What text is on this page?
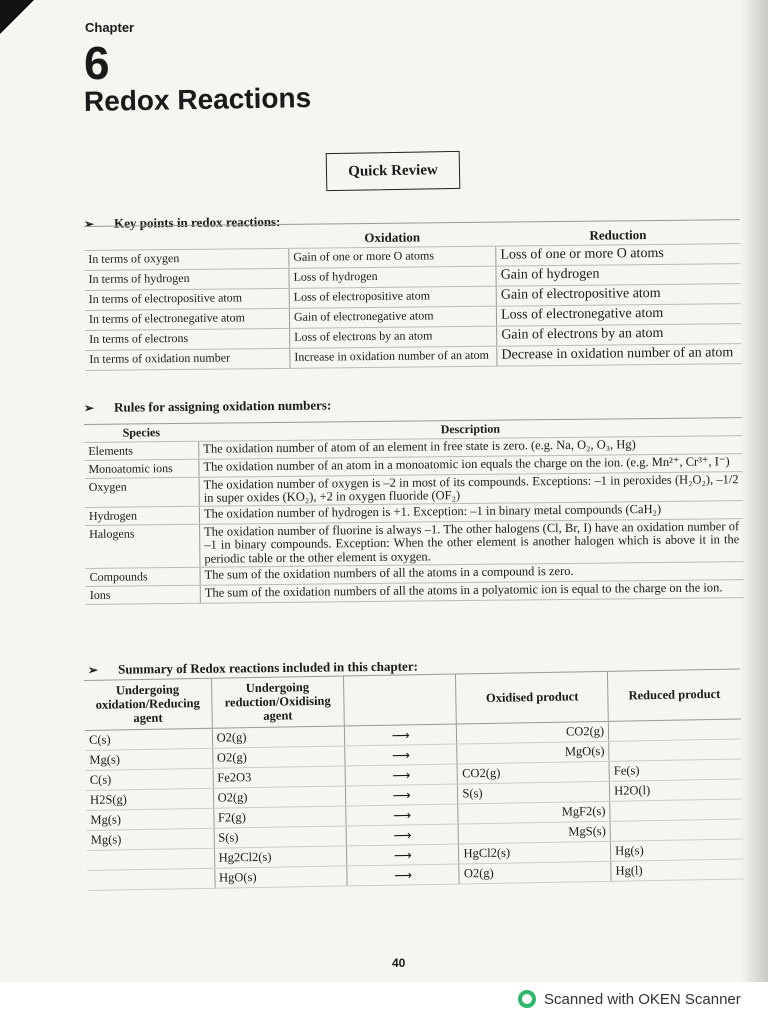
Chapter
6
Redox Reactions
Quick Review
➢ Key points in redox reactions:
	Oxidation	Reduction
In terms of oxygen	Gain of one or more O atoms	Loss of one or more O atoms
In terms of hydrogen	Loss of hydrogen	Gain of hydrogen
In terms of electropositive atom	Loss of electropositive atom	Gain of electropositive atom
In terms of electronegative atom	Gain of electronegative atom	Loss of electronegative atom
In terms of electrons	Loss of electrons by an atom	Gain of electrons by an atom
In terms of oxidation number	Increase in oxidation number of an atom	Decrease in oxidation number of an atom
➢ Rules for assigning oxidation numbers:
Species	Description
Elements	The oxidation number of atom of an element in free state is zero. (e.g. Na, O₂, O₃, Hg)
Monoatomic ions	The oxidation number of an atom in a monoatomic ion equals the charge on the ion. (e.g. Mn²⁺, Cr³⁺, I⁻)
Oxygen	The oxidation number of oxygen is –2 in most of its compounds. Exceptions: –1 in peroxides (H₂O₂), –1/2 in super oxides (KO₂), +2 in oxygen fluoride (OF₂)
Hydrogen	The oxidation number of hydrogen is +1. Exception: –1 in binary metal compounds (CaH₂)
Halogens	The oxidation number of fluorine is always –1. The other halogens (Cl, Br, I) have an oxidation number of –1 in binary compounds. Exception: When the other element is another halogen which is above it in the periodic table or the other element is oxygen.
Compounds	The sum of the oxidation numbers of all the atoms in a compound is zero.
Ions	The sum of the oxidation numbers of all the atoms in a polyatomic ion is equal to the charge on the ion.
➢ Summary of Redox reactions included in this chapter:
Undergoing oxidation/Reducing agent	Undergoing reduction/Oxidising agent		Oxidised product	Reduced product
C(s)	O2(g)	⟶	CO2(g)	
Mg(s)	O2(g)	⟶	MgO(s)	
C(s)	Fe2O3	⟶	CO2(g)	Fe(s)
H2S(g)	O2(g)	⟶	S(s)	H2O(l)
Mg(s)	F2(g)	⟶	MgF2(s)	
Mg(s)	S(s)	⟶	MgS(s)	
	Hg2Cl2(s)	⟶	HgCl2(s)	Hg(s)
	HgO(s)	⟶	O2(g)	Hg(l)
40
Scanned with OKEN Scanner
